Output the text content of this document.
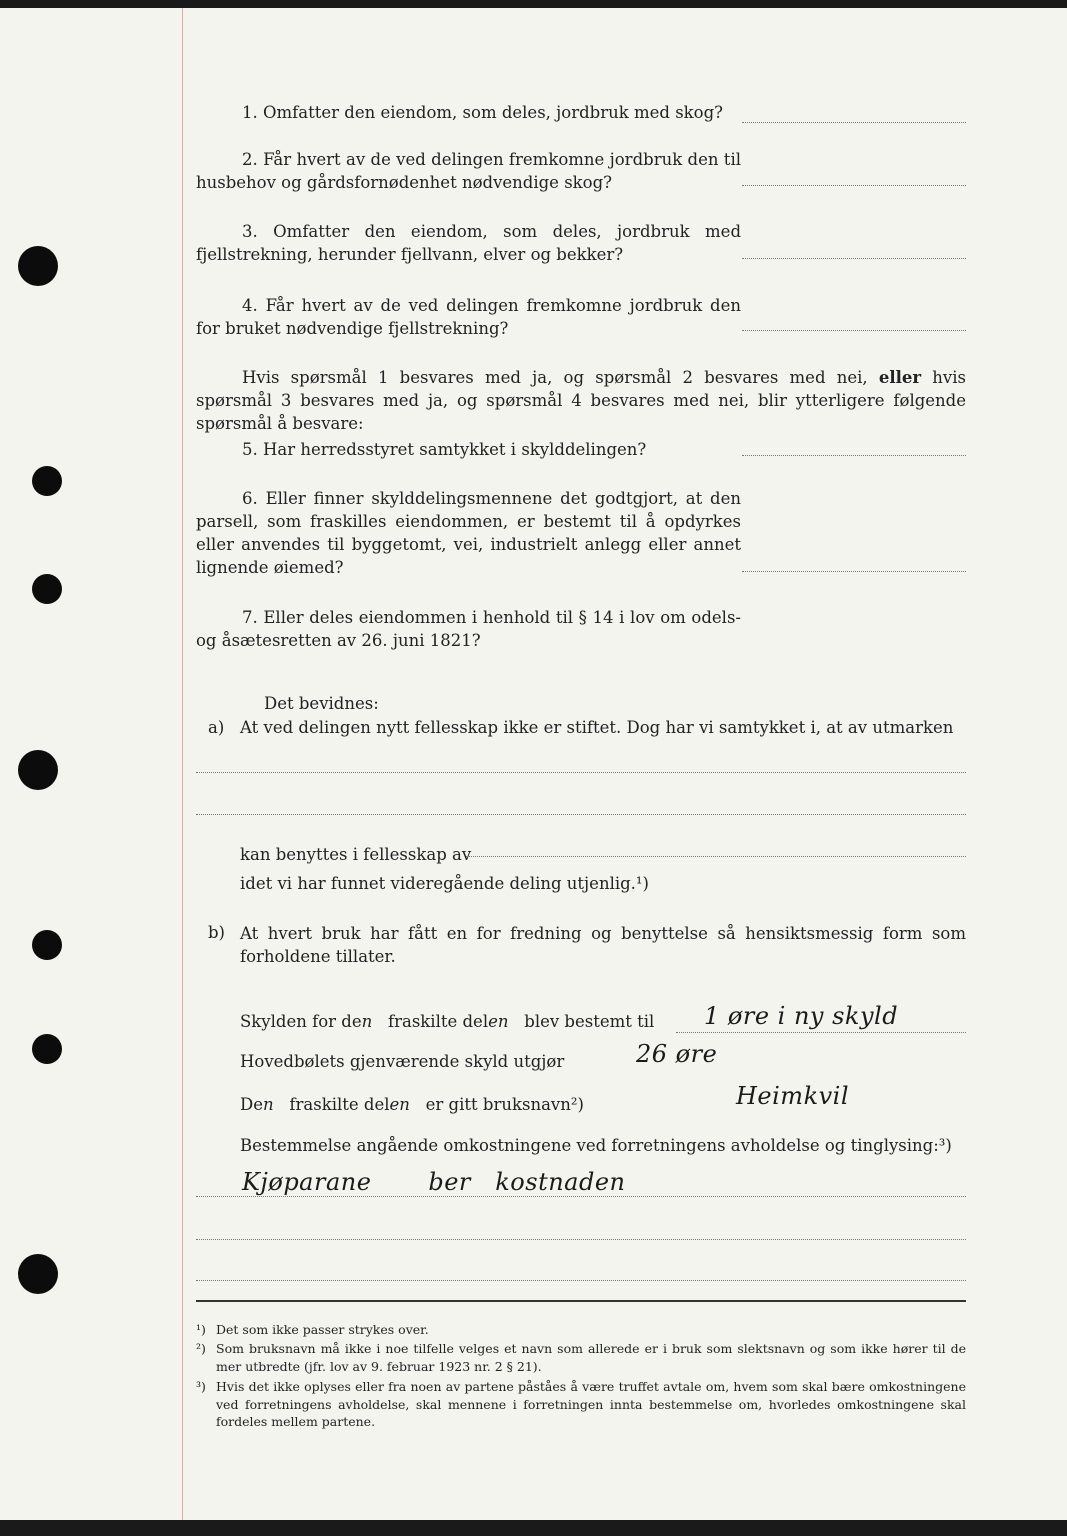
1. Omfatter den eiendom, som deles, jordbruk med skog?
2. Får hvert av de ved delingen fremkomne jordbruk den til husbehov og gårdsfornødenhet nødvendige skog?
3. Omfatter den eiendom, som deles, jordbruk med fjellstrekning, herunder fjellvann, elver og bekker?
4. Får hvert av de ved delingen fremkomne jordbruk den for bruket nødvendige fjellstrekning?
Hvis spørsmål 1 besvares med ja, og spørsmål 2 besvares med nei, eller hvis spørsmål 3 besvares med ja, og spørsmål 4 besvares med nei, blir ytterligere følgende spørsmål å besvare:
5. Har herredsstyret samtykket i skylddelingen?
6. Eller finner skylddelingsmennene det godtgjort, at den parsell, som fraskilles eiendommen, er bestemt til å opdyrkes eller anvendes til byggetomt, vei, industrielt anlegg eller annet lignende øiemed?
7. Eller deles eiendommen i henhold til § 14 i lov om odels- og åsætesretten av 26. juni 1821?
Det bevidnes:
a) At ved delingen nytt fellesskap ikke er stiftet. Dog har vi samtykket i, at av utmarken
kan benyttes i fellesskap av
idet vi har funnet videregående deling utjenlig.¹)
b) At hvert bruk har fått en for fredning og benyttelse så hensiktsmessig form som forholdene tillater.
Skylden for den fraskilte delen blev bestemt til 1 øre i ny skyld
Hovedbølets gjenværende skyld utgjør	26 øre
Den fraskilte delen er gitt bruksnavn²)	Heimkvil
Bestemmelse angående omkostningene ved forretningens avholdelse og tinglysing:³)
Kjøparane       ber   kostnaden
¹) Det som ikke passer strykes over.
²) Som bruksnavn må ikke i noe tilfelle velges et navn som allerede er i bruk som slektsnavn og som ikke hører til de mer utbredte (jfr. lov av 9. februar 1923 nr. 2 § 21).
³) Hvis det ikke oplyses eller fra noen av partene påståes å være truffet avtale om, hvem som skal bære omkostningene ved forretningens avholdelse, skal mennene i forretningen innta bestemmelse om, hvorledes omkostningene skal fordeles mellem partene.
